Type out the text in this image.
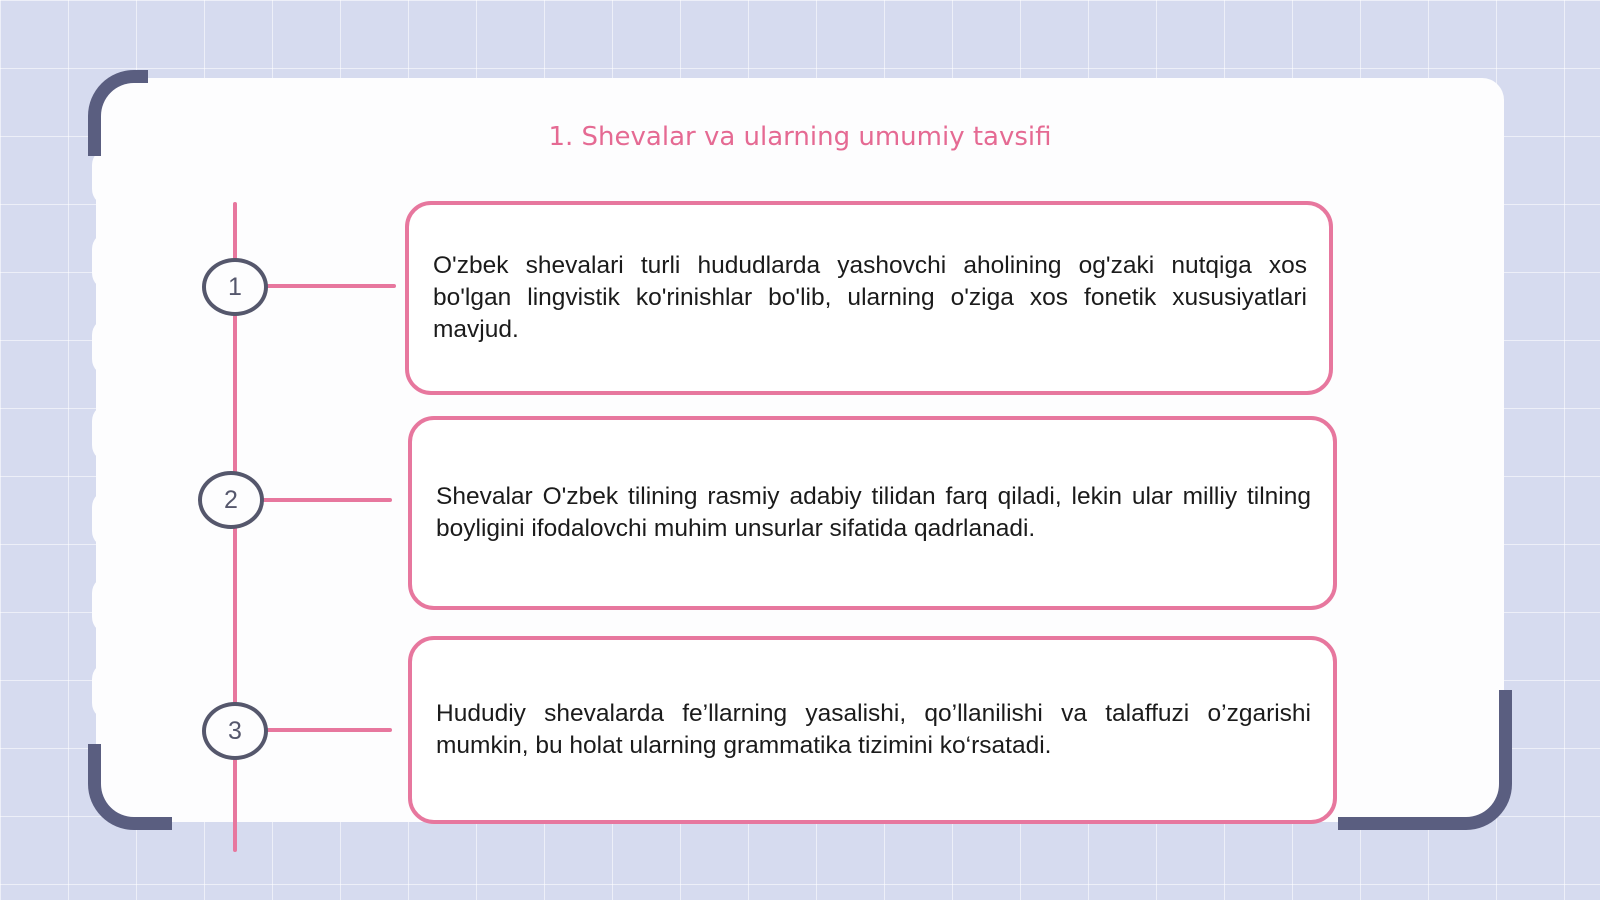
1. Shevalar va ularning umumiy tavsifi
1
2
3
O'zbek shevalari turli hududlarda yashovchi aholining og'zaki nutqiga xos bo'lgan lingvistik ko'rinishlar bo'lib, ularning o'ziga xos fonetik xususiyatlari mavjud.
Shevalar O'zbek tilining rasmiy adabiy tilidan farq qiladi, lekin ular milliy tilning boyligini ifodalovchi muhim unsurlar sifatida qadrlanadi.
Hududiy shevalarda fe’llarning yasalishi, qo’llanilishi va talaffuzi o’zgarishi mumkin, bu holat ularning grammatika tizimini ko‘rsatadi.
